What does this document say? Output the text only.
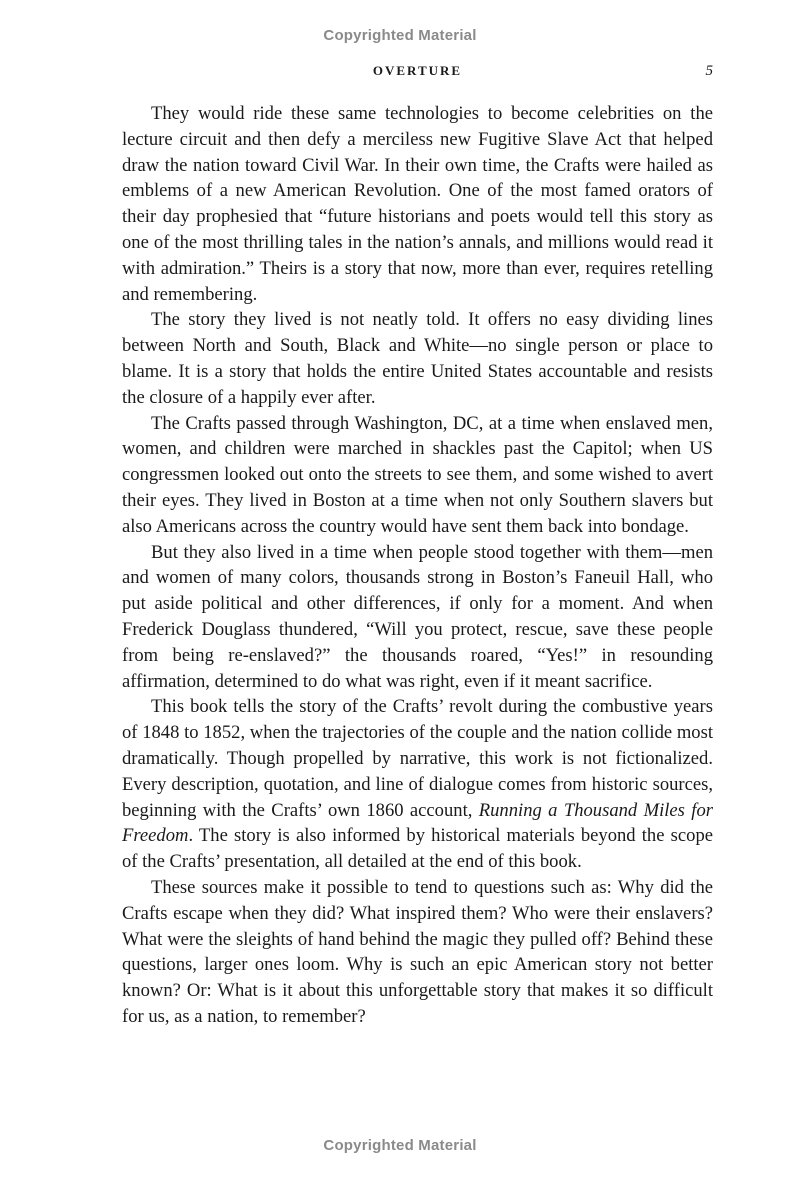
Copyrighted Material
OVERTURE	5

They would ride these same technologies to become celebrities on the lecture circuit and then defy a merciless new Fugitive Slave Act that helped draw the nation toward Civil War. In their own time, the Crafts were hailed as emblems of a new American Revolution. One of the most famed orators of their day prophesied that “future historians and poets would tell this story as one of the most thrilling tales in the nation’s annals, and millions would read it with admiration.” Theirs is a story that now, more than ever, requires retelling and remembering.

The story they lived is not neatly told. It offers no easy dividing lines between North and South, Black and White—no single person or place to blame. It is a story that holds the entire United States accountable and resists the closure of a happily ever after.

The Crafts passed through Washington, DC, at a time when enslaved men, women, and children were marched in shackles past the Capitol; when US congressmen looked out onto the streets to see them, and some wished to avert their eyes. They lived in Boston at a time when not only Southern slavers but also Americans across the country would have sent them back into bondage.

But they also lived in a time when people stood together with them—men and women of many colors, thousands strong in Boston’s Faneuil Hall, who put aside political and other differences, if only for a moment. And when Frederick Douglass thundered, “Will you protect, rescue, save these people from being re-enslaved?” the thousands roared, “Yes!” in resounding affirmation, determined to do what was right, even if it meant sacrifice.

This book tells the story of the Crafts’ revolt during the combustive years of 1848 to 1852, when the trajectories of the couple and the nation collide most dramatically. Though propelled by narrative, this work is not fictionalized. Every description, quotation, and line of dialogue comes from historic sources, beginning with the Crafts’ own 1860 account, Running a Thousand Miles for Freedom. The story is also informed by historical materials beyond the scope of the Crafts’ presentation, all detailed at the end of this book.

These sources make it possible to tend to questions such as: Why did the Crafts escape when they did? What inspired them? Who were their enslavers? What were the sleights of hand behind the magic they pulled off? Behind these questions, larger ones loom. Why is such an epic American story not better known? Or: What is it about this unforgettable story that makes it so difficult for us, as a nation, to remember?

Copyrighted Material
